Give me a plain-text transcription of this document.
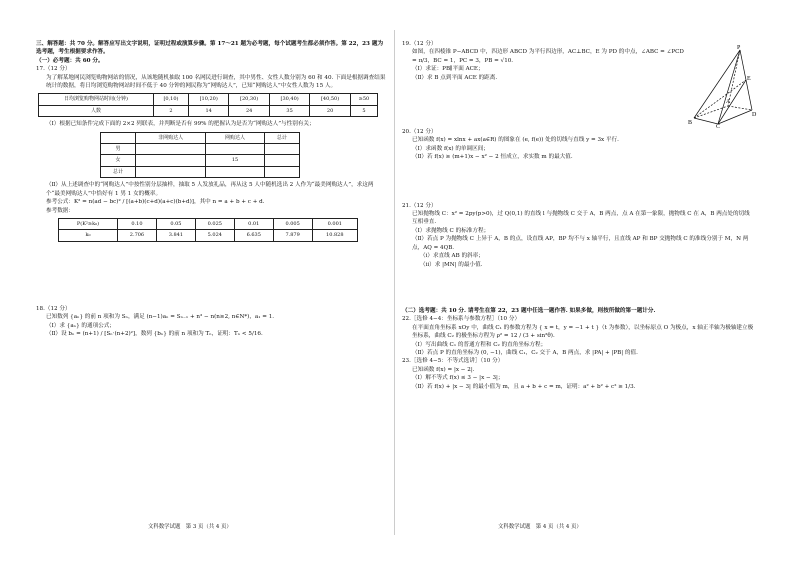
三、解答题：共 70 分。解答应写出文字说明，证明过程或演算步骤。第 17～21 题为必考题，每个试题考生都必须作答。第 22，23 题为选考题，考生根据要求作答。

（一）必考题：共 60 分。

17.（12 分）

为了解某地网民浏览购物网站的情况，从该地随机抽取 100 名网民进行调查，其中男性、女性人数分别为 60 和 40. 下面是根据调查结果统计的数据，将日均浏览购物网站时间不低于 40 分钟的网民称为“网购达人”，已知“网购达人”中女性人数为 15 人。

日均浏览购物网站时间(分钟)	[0,10)	[10,20)	[20,30)	[30,40)	[40,50)	≥50
人数	2	14	24	35	20	5

（Ⅰ）根据已知条件完成下面的 2×2 列联表，并判断是否有 99% 的把握认为是否为“网购达人”与性别有关；

	非网购达人	网购达人	总计
男			
女		15	
总计			

（Ⅱ）从上述调查中的“网购达人”中按性别分层抽样，抽取 5 人发放礼品，再从这 5 人中随机选出 2 人作为“最美网购达人”，求这两个“最美网购达人”中恰好有 1 男 1 女的概率。

参考公式：K² = n(ad − bc)² / [(a+b)(c+d)(a+c)(b+d)]，其中 n = a + b + c + d.

参考数据：

P(K²≥k₀)	0.10	0.05	0.025	0.01	0.005	0.001
k₀	2.706	3.841	5.024	6.635	7.879	10.828

18.（12 分）

已知数列 {aₙ} 的前 n 项和为 Sₙ，满足 (n−1)aₙ = Sₙ₋₁ + n³ − n(n≥2, n∈N*)，a₁ = 1.

（Ⅰ）求 {aₙ} 的通项公式；

（Ⅱ）设 bₙ = (n+1) / [Sₙ·(n+2)²]，数列 {bₙ} 的前 n 项和为 Tₙ，证明：Tₙ < 5/16.

文科数学试题　第 3 页（共 4 页）

19.（12 分）

如图，在四棱锥 P−ABCD 中，四边形 ABCD 为平行四边形，AC⊥BC，E 为 PD 的中点，∠ABC = ∠PCD = π/3，BC = 1，PC = 3，PB = √10.

（Ⅰ）求证：PB∥平面 ACE；

（Ⅱ）求 B 点到平面 ACE 的距离.

P
E
A
B
C
D

20.（12 分）

已知函数 f(x) = xlnx + ax(a∈R) 的图象在 (e, f(e)) 处的切线与直线 y = 3x 平行.

（Ⅰ）求函数 f(x) 的单调区间；

（Ⅱ）若 f(x) ≥ (m+1)x − x² − 2 恒成立，求实数 m 的最大值.

21.（12 分）

已知抛物线 C：x² = 2py(p>0)，过 Q(0,1) 的直线 l 与抛物线 C 交于 A，B 两点，点 A 在第一象限，抛物线 C 在 A，B 两点处的切线互相垂直.

（Ⅰ）求抛物线 C 的标准方程；

（Ⅱ）若点 P 为抛物线 C 上异于 A，B 的点，设直线 AP，BP 均不与 x 轴平行，且直线 AP 和 BP 交抛物线 C 的准线分别于 M，N 两点，AQ = 4QB.

（ⅰ）求直线 AB 的斜率；

（ⅱ）求 |MN| 的最小值.

（二）选考题：共 10 分. 请考生在第 22，23 题中任选一题作答. 如果多做，则按所做的第一题计分.

22.［选修 4−4：坐标系与参数方程］（10 分）

在平面直角坐标系 xOy 中，曲线 C₁ 的参数方程为 { x = t，y = −1 + t }（t 为参数），以坐标原点 O 为极点，x 轴正半轴为极轴建立极坐标系，曲线 C₂ 的极坐标方程为 ρ² = 12 / (3 + sin²θ).

（Ⅰ）写出曲线 C₁ 的普通方程和 C₂ 的直角坐标方程；

（Ⅱ）若点 P 的直角坐标为 (0, −1)，曲线 C₁，C₂ 交于 A，B 两点，求 |PA| + |PB| 的值.

23.［选修 4−5：不等式选讲］（10 分）

已知函数 f(x) = |x − 2|.

（Ⅰ）解不等式 f(x) ≤ 3 − |x − 3|；

（Ⅱ）若 f(x) + |x − 3| 的最小值为 m，且 a + b + c = m，证明：a² + b² + c² ≥ 1/3.

文科数学试题　第 4 页（共 4 页）
